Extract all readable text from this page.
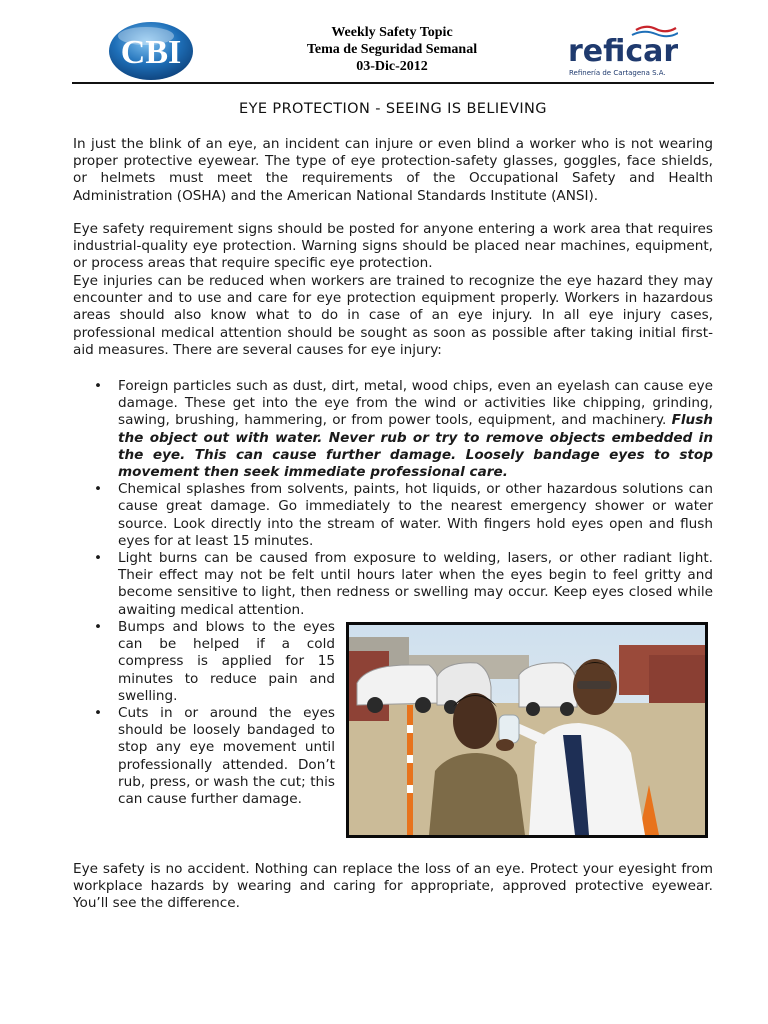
CBI
Weekly Safety Topic
Tema de Seguridad Semanal
03-Dic-2012	reficar
Refinería de Cartagena S.A.
EYE PROTECTION - SEEING IS BELIEVING
In just the blink of an eye, an incident can injure or even blind a worker who is not wearing proper protective eyewear. The type of eye protection-safety glasses, goggles, face shields, or helmets must meet the requirements of the Occupational Safety and Health Administration (OSHA) and the American National Standards Institute (ANSI).
Eye safety requirement signs should be posted for anyone entering a work area that requires industrial-quality eye protection. Warning signs should be placed near machines, equipment, or process areas that require specific eye protection.
Eye injuries can be reduced when workers are trained to recognize the eye hazard they may encounter and to use and care for eye protection equipment properly. Workers in hazardous areas should also know what to do in case of an eye injury. In all eye injury cases, professional medical attention should be sought as soon as possible after taking initial first-aid measures. There are several causes for eye injury:
• Foreign particles such as dust, dirt, metal, wood chips, even an eyelash can cause eye damage. These get into the eye from the wind or activities like chipping, grinding, sawing, brushing, hammering, or from power tools, equipment, and machinery. Flush the object out with water. Never rub or try to remove objects embedded in the eye. This can cause further damage. Loosely bandage eyes to stop movement then seek immediate professional care.
• Chemical splashes from solvents, paints, hot liquids, or other hazardous solutions can cause great damage. Go immediately to the nearest emergency shower or water source. Look directly into the stream of water. With fingers hold eyes open and flush eyes for at least 15 minutes.
• Light burns can be caused from exposure to welding, lasers, or other radiant light. Their effect may not be felt until hours later when the eyes begin to feel gritty and become sensitive to light, then redness or swelling may occur. Keep eyes closed while awaiting medical attention.
• Bumps and blows to the eyes can be helped if a cold compress is applied for 15 minutes to reduce pain and swelling.
• Cuts in or around the eyes should be loosely bandaged to stop any eye movement until professionally attended. Don’t rub, press, or wash the cut; this can cause further damage.
Eye safety is no accident. Nothing can replace the loss of an eye. Protect your eyesight from workplace hazards by wearing and caring for appropriate, approved protective eyewear. You’ll see the difference.
